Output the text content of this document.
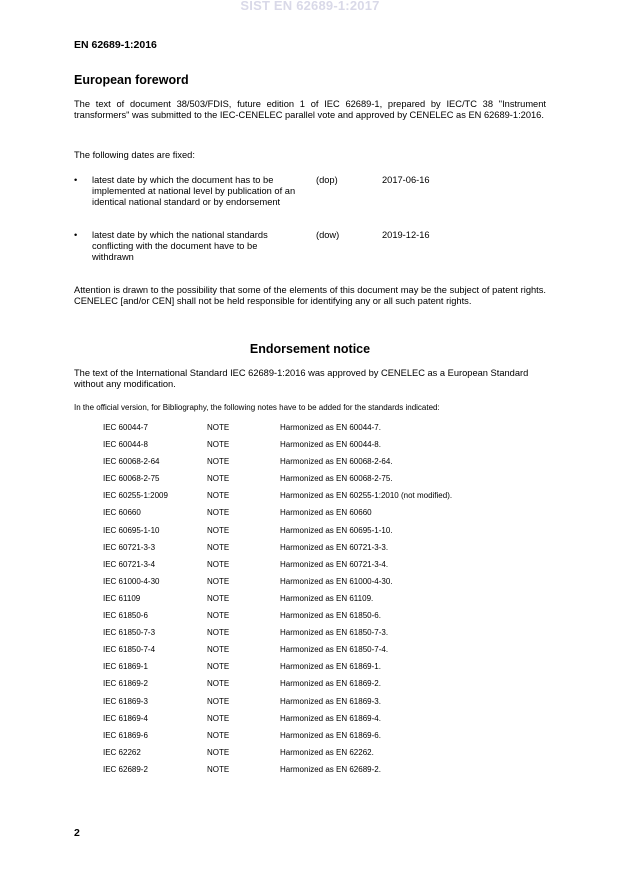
SIST EN 62689-1:2017
EN 62689-1:2016
European foreword
The text of document 38/503/FDIS, future edition 1 of IEC 62689-1, prepared by IEC/TC 38 "Instrument transformers" was submitted to the IEC-CENELEC parallel vote and approved by CENELEC as EN 62689-1:2016.
The following dates are fixed:
• latest date by which the document has to be implemented at national level by publication of an identical national standard or by endorsement
(dop)	2017-06-16
• latest date by which the national standards conflicting with the document have to be withdrawn
(dow)	2019-12-16
Attention is drawn to the possibility that some of the elements of this document may be the subject of patent rights. CENELEC [and/or CEN] shall not be held responsible for identifying any or all such patent rights.
Endorsement notice
The text of the International Standard IEC 62689-1:2016 was approved by CENELEC as a European Standard without any modification.
In the official version, for Bibliography, the following notes have to be added for the standards indicated:
IEC 60044-7	NOTE	Harmonized as EN 60044-7.
IEC 60044-8	NOTE	Harmonized as EN 60044-8.
IEC 60068-2-64	NOTE	Harmonized as EN 60068-2-64.
IEC 60068-2-75	NOTE	Harmonized as EN 60068-2-75.
IEC 60255-1:2009	NOTE	Harmonized as EN 60255-1:2010 (not modified).
IEC 60660	NOTE	Harmonized as EN 60660
IEC 60695-1-10	NOTE	Harmonized as EN 60695-1-10.
IEC 60721-3-3	NOTE	Harmonized as EN 60721-3-3.
IEC 60721-3-4	NOTE	Harmonized as EN 60721-3-4.
IEC 61000-4-30	NOTE	Harmonized as EN 61000-4-30.
IEC 61109	NOTE	Harmonized as EN 61109.
IEC 61850-6	NOTE	Harmonized as EN 61850-6.
IEC 61850-7-3	NOTE	Harmonized as EN 61850-7-3.
IEC 61850-7-4	NOTE	Harmonized as EN 61850-7-4.
IEC 61869-1	NOTE	Harmonized as EN 61869-1.
IEC 61869-2	NOTE	Harmonized as EN 61869-2.
IEC 61869-3	NOTE	Harmonized as EN 61869-3.
IEC 61869-4	NOTE	Harmonized as EN 61869-4.
IEC 61869-6	NOTE	Harmonized as EN 61869-6.
IEC 62262	NOTE	Harmonized as EN 62262.
IEC 62689-2	NOTE	Harmonized as EN 62689-2.
2
